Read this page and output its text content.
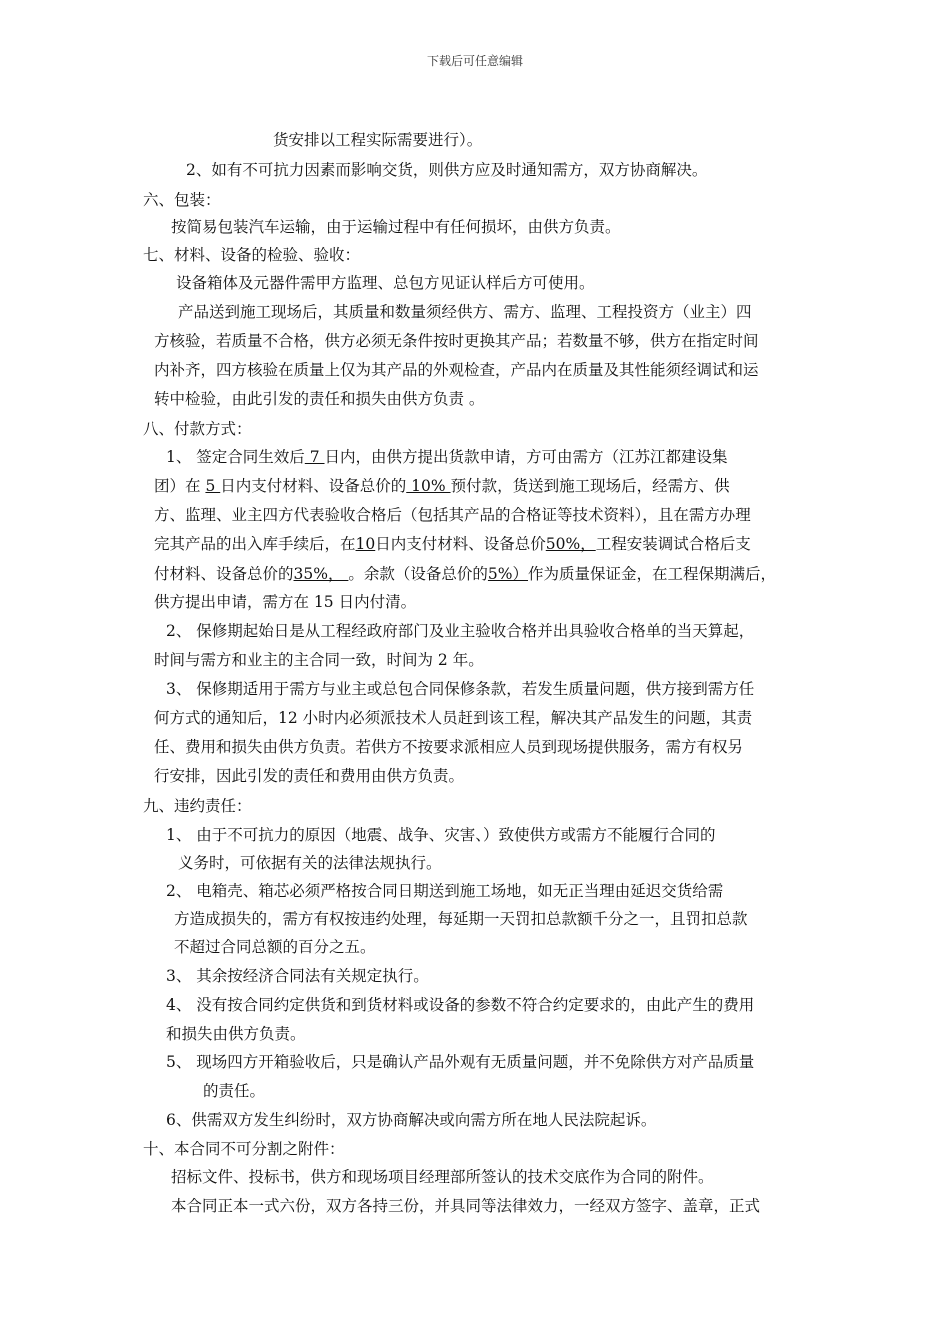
下载后可任意编辑
货安排以工程实际需要进行）。
2、如有不可抗力因素而影响交货，则供方应及时通知需方，双方协商解决。
六、包装：
按简易包装汽车运输，由于运输过程中有任何损坏，由供方负责。
七、材料、设备的检验、验收：
设备箱体及元器件需甲方监理、总包方见证认样后方可使用。
产品送到施工现场后，其质量和数量须经供方、需方、监理、工程投资方（业主）四
方核验，若质量不合格，供方必须无条件按时更换其产品；若数量不够，供方在指定时间
内补齐，四方核验在质量上仅为其产品的外观检查，产品内在质量及其性能须经调试和运
转中检验，由此引发的责任和损失由供方负责 。
八、付款方式：
1、 签定合同生效后 7 日内，由供方提出货款申请，方可由需方（江苏江都建设集
团）在 5 日内支付材料、设备总价的 10% 预付款，货送到施工现场后，经需方、供
方、监理、业主四方代表验收合格后（包括其产品的合格证等技术资料），且在需方办理
完其产品的出入库手续后，在10日内支付材料、设备总价50%，工程安装调试合格后支
付材料、设备总价的35%， 。余款（设备总价的5%）作为质量保证金，在工程保期满后，
供方提出申请，需方在 15 日内付清。
2、 保修期起始日是从工程经政府部门及业主验收合格并出具验收合格单的当天算起，
时间与需方和业主的主合同一致，时间为 2 年。
3、 保修期适用于需方与业主或总包合同保修条款，若发生质量问题，供方接到需方任
何方式的通知后，12 小时内必须派技术人员赶到该工程，解决其产品发生的问题，其责
任、费用和损失由供方负责。若供方不按要求派相应人员到现场提供服务，需方有权另
行安排，因此引发的责任和费用由供方负责。
九、违约责任：
1、 由于不可抗力的原因（地震、战争、灾害、）致使供方或需方不能履行合同的
义务时，可依据有关的法律法规执行。
2、 电箱壳、箱芯必须严格按合同日期送到施工场地，如无正当理由延迟交货给需
方造成损失的，需方有权按违约处理，每延期一天罚扣总款额千分之一，且罚扣总款
不超过合同总额的百分之五。
3、 其余按经济合同法有关规定执行。
4、 没有按合同约定供货和到货材料或设备的参数不符合约定要求的，由此产生的费用
和损失由供方负责。
5、 现场四方开箱验收后，只是确认产品外观有无质量问题，并不免除供方对产品质量
的责任。
6、供需双方发生纠纷时，双方协商解决或向需方所在地人民法院起诉。
十、本合同不可分割之附件：
招标文件、投标书，供方和现场项目经理部所签认的技术交底作为合同的附件。
本合同正本一式六份，双方各持三份，并具同等法律效力，一经双方签字、盖章，正式
